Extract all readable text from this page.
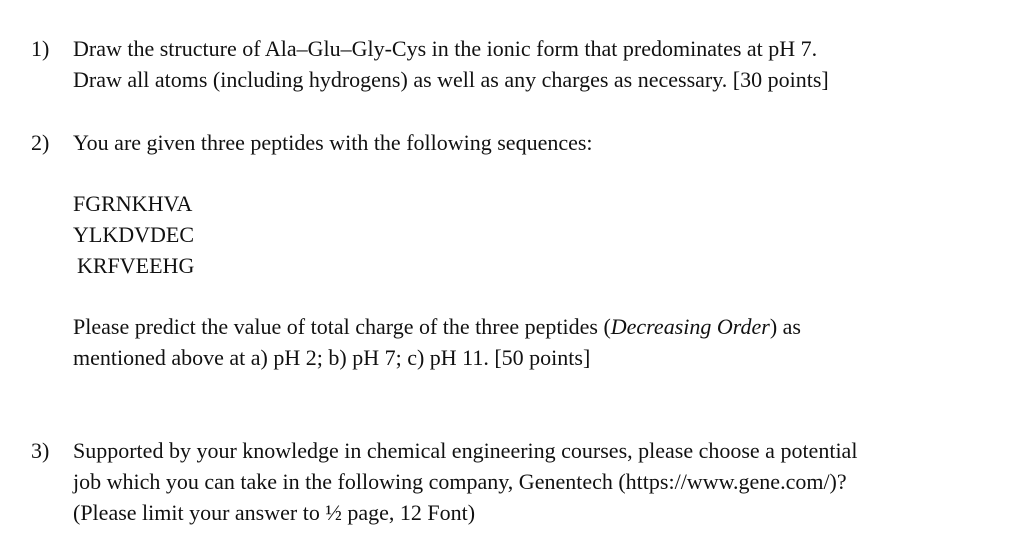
1)	Draw the structure of Ala–Glu–Gly-Cys in the ionic form that predominates at pH 7.
Draw all atoms (including hydrogens) as well as any charges as necessary. [30 points]
2)	You are given three peptides with the following sequences:
FGRNKHVA
YLKDVDEC
KRFVEEHG
Please predict the value of total charge of the three peptides (Decreasing Order) as
mentioned above at a) pH 2; b) pH 7; c) pH 11. [50 points]
3)	Supported by your knowledge in chemical engineering courses, please choose a potential
job which you can take in the following company, Genentech (https://www.gene.com/)?
(Please limit your answer to ½ page, 12 Font)
